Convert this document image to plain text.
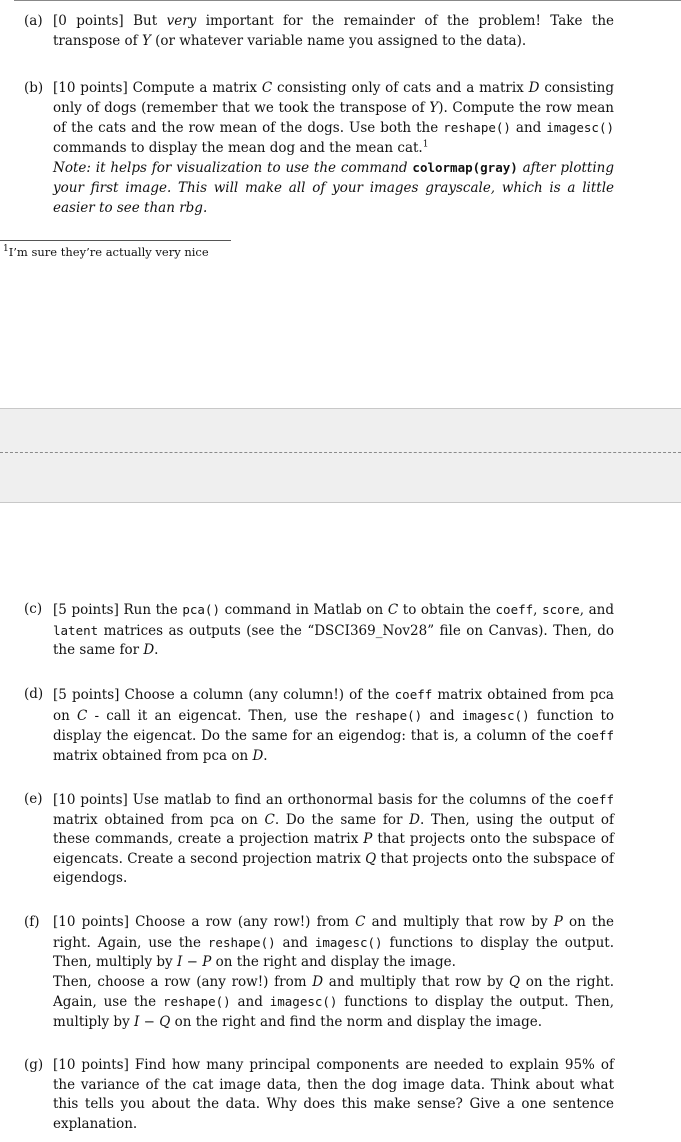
(a) [0 points] But very important for the remainder of the problem! Take the transpose of Y (or whatever variable name you assigned to the data).
(b) [10 points] Compute a matrix C consisting only of cats and a matrix D consisting only of dogs (remember that we took the transpose of Y). Compute the row mean of the cats and the row mean of the dogs. Use both the reshape() and imagesc() commands to display the mean dog and the mean cat.$^1$
Note: it helps for visualization to use the command colormap(gray) after plotting your first image. This will make all of your images grayscale, which is a little easier to see than rbg.
$^1$I’m sure they’re actually very nice
(c) [5 points] Run the pca() command in Matlab on C to obtain the coeff, score, and latent matrices as outputs (see the “DSCI369_Nov28” file on Canvas). Then, do the same for D.
(d) [5 points] Choose a column (any column!) of the coeff matrix obtained from pca on C - call it an eigencat. Then, use the reshape() and imagesc() function to display the eigencat. Do the same for an eigendog: that is, a column of the coeff matrix obtained from pca on D.
(e) [10 points] Use matlab to find an orthonormal basis for the columns of the coeff matrix obtained from pca on C. Do the same for D. Then, using the output of these commands, create a projection matrix P that projects onto the subspace of eigencats. Create a second projection matrix Q that projects onto the subspace of eigendogs.
(f) [10 points] Choose a row (any row!) from C and multiply that row by P on the right. Again, use the reshape() and imagesc() functions to display the output. Then, multiply by I − P on the right and display the image.
Then, choose a row (any row!) from D and multiply that row by Q on the right. Again, use the reshape() and imagesc() functions to display the output. Then, multiply by I − Q on the right and find the norm and display the image.
(g) [10 points] Find how many principal components are needed to explain 95% of the variance of the cat image data, then the dog image data. Think about what this tells you about the data. Why does this make sense? Give a one sentence explanation.
